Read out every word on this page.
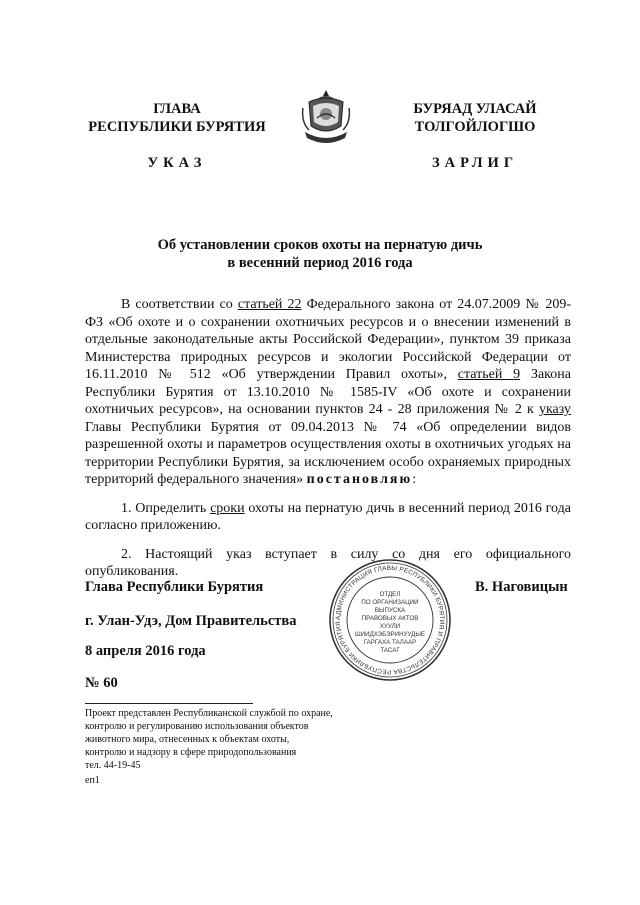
ГЛАВА
РЕСПУБЛИКИ БУРЯТИЯ
УКАЗ
БУРЯАД УЛАСАЙ
ТОЛГОЙЛОГШО
ЗАРЛИГ
Об установлении сроков охоты на пернатую дичь
в весенний период 2016 года

В соответствии со статьей 22 Федерального закона от 24.07.2009 № 209-ФЗ «Об охоте и о сохранении охотничьих ресурсов и о внесении изменений в отдельные законодательные акты Российской Федерации», пунктом 39 приказа Министерства природных ресурсов и экологии Российской Федерации от 16.11.2010 № 512 «Об утверждении Правил охоты», статьей 9 Закона Республики Бурятия от 13.10.2010 № 1585-IV «Об охоте и сохранении охотничьих ресурсов», на основании пунктов 24 - 28 приложения № 2 к указу Главы Республики Бурятия от 09.04.2013 № 74 «Об определении видов разрешенной охоты и параметров осуществления охоты в охотничьих угодьях на территории Республики Бурятия, за исключением особо охраняемых природных территорий федерального значения» постановляю:

1. Определить сроки охоты на пернатую дичь в весенний период 2016 года согласно приложению.

2. Настоящий указ вступает в силу со дня его официального опубликования.

Глава Республики Бурятия	В. Наговицын
г. Улан-Удэ, Дом Правительства
8 апреля 2016 года
№ 60
АДМИНИСТРАЦИЯ ГЛАВЫ РЕСПУБЛИКИ БУРЯТИЯ И ПРАВИТЕЛЬСТВА РЕСПУБЛИКИ БУРЯТИЯ
ОТДЕЛ
ПО ОРГАНИЗАЦИИ
ВЫПУСКА
ПРАВОВЫХ АКТОВ
ХУУЛИ
ШИИДХЭБЭРИНУУДЫЕ
ГАРГАХА ТАЛААР
ТАСАГ
Проект представлен Республиканской службой по охране,
контролю и регулированию использования объектов
животного мира, отнесенных к объектам охоты,
контролю и надзору в сфере природопользования
тел. 44-19-45
еп1
